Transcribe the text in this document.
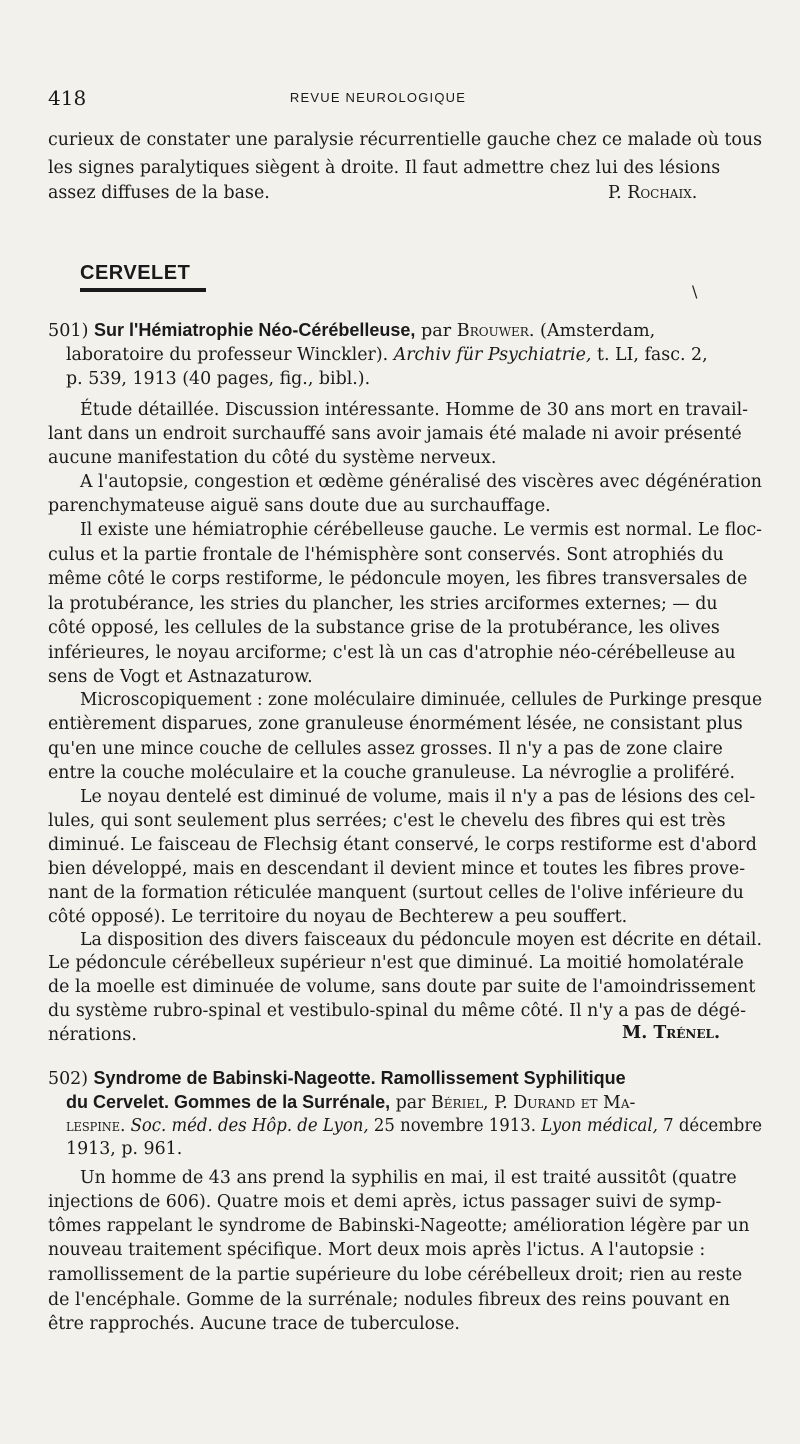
418	REVUE NEUROLOGIQUE
curieux de constater une paralysie récurrentielle gauche chez ce malade où tous
les signes paralytiques siègent à droite. Il faut admettre chez lui des lésions
assez diffuses de la base.	P. Rochaix.
CERVELET
\
501) Sur l'Hémiatrophie Néo-Cérébelleuse, par Brouwer. (Amsterdam,
laboratoire du professeur Winckler). Archiv für Psychiatrie, t. LI, fasc. 2,
p. 539, 1913 (40 pages, fig., bibl.).
Étude détaillée. Discussion intéressante. Homme de 30 ans mort en travail-
lant dans un endroit surchauffé sans avoir jamais été malade ni avoir présenté
aucune manifestation du côté du système nerveux.
A l'autopsie, congestion et œdème généralisé des viscères avec dégénération
parenchymateuse aiguë sans doute due au surchauffage.
Il existe une hémiatrophie cérébelleuse gauche. Le vermis est normal. Le floc-
culus et la partie frontale de l'hémisphère sont conservés. Sont atrophiés du
même côté le corps restiforme, le pédoncule moyen, les fibres transversales de
la protubérance, les stries du plancher, les stries arciformes externes; — du
côté opposé, les cellules de la substance grise de la protubérance, les olives
inférieures, le noyau arciforme; c'est là un cas d'atrophie néo-cérébelleuse au
sens de Vogt et Astnazaturow.
Microscopiquement : zone moléculaire diminuée, cellules de Purkinge presque
entièrement disparues, zone granuleuse énormément lésée, ne consistant plus
qu'en une mince couche de cellules assez grosses. Il n'y a pas de zone claire
entre la couche moléculaire et la couche granuleuse. La névroglie a proliféré.
Le noyau dentelé est diminué de volume, mais il n'y a pas de lésions des cel-
lules, qui sont seulement plus serrées; c'est le chevelu des fibres qui est très
diminué. Le faisceau de Flechsig étant conservé, le corps restiforme est d'abord
bien développé, mais en descendant il devient mince et toutes les fibres prove-
nant de la formation réticulée manquent (surtout celles de l'olive inférieure du
côté opposé). Le territoire du noyau de Bechterew a peu souffert.
La disposition des divers faisceaux du pédoncule moyen est décrite en détail.
Le pédoncule cérébelleux supérieur n'est que diminué. La moitié homolatérale
de la moelle est diminuée de volume, sans doute par suite de l'amoindrissement
du système rubro-spinal et vestibulo-spinal du même côté. Il n'y a pas de dégé-
nérations.	M. Trénel.
502) Syndrome de Babinski-Nageotte. Ramollissement Syphilitique
du Cervelet. Gommes de la Surrénale, par Bériel, P. Durand et Ma-
lespine. Soc. méd. des Hôp. de Lyon, 25 novembre 1913. Lyon médical, 7 décembre
1913, p. 961.
Un homme de 43 ans prend la syphilis en mai, il est traité aussitôt (quatre
injections de 606). Quatre mois et demi après, ictus passager suivi de symp-
tômes rappelant le syndrome de Babinski-Nageotte; amélioration légère par un
nouveau traitement spécifique. Mort deux mois après l'ictus. A l'autopsie :
ramollissement de la partie supérieure du lobe cérébelleux droit; rien au reste
de l'encéphale. Gomme de la surrénale; nodules fibreux des reins pouvant en
être rapprochés. Aucune trace de tuberculose.
